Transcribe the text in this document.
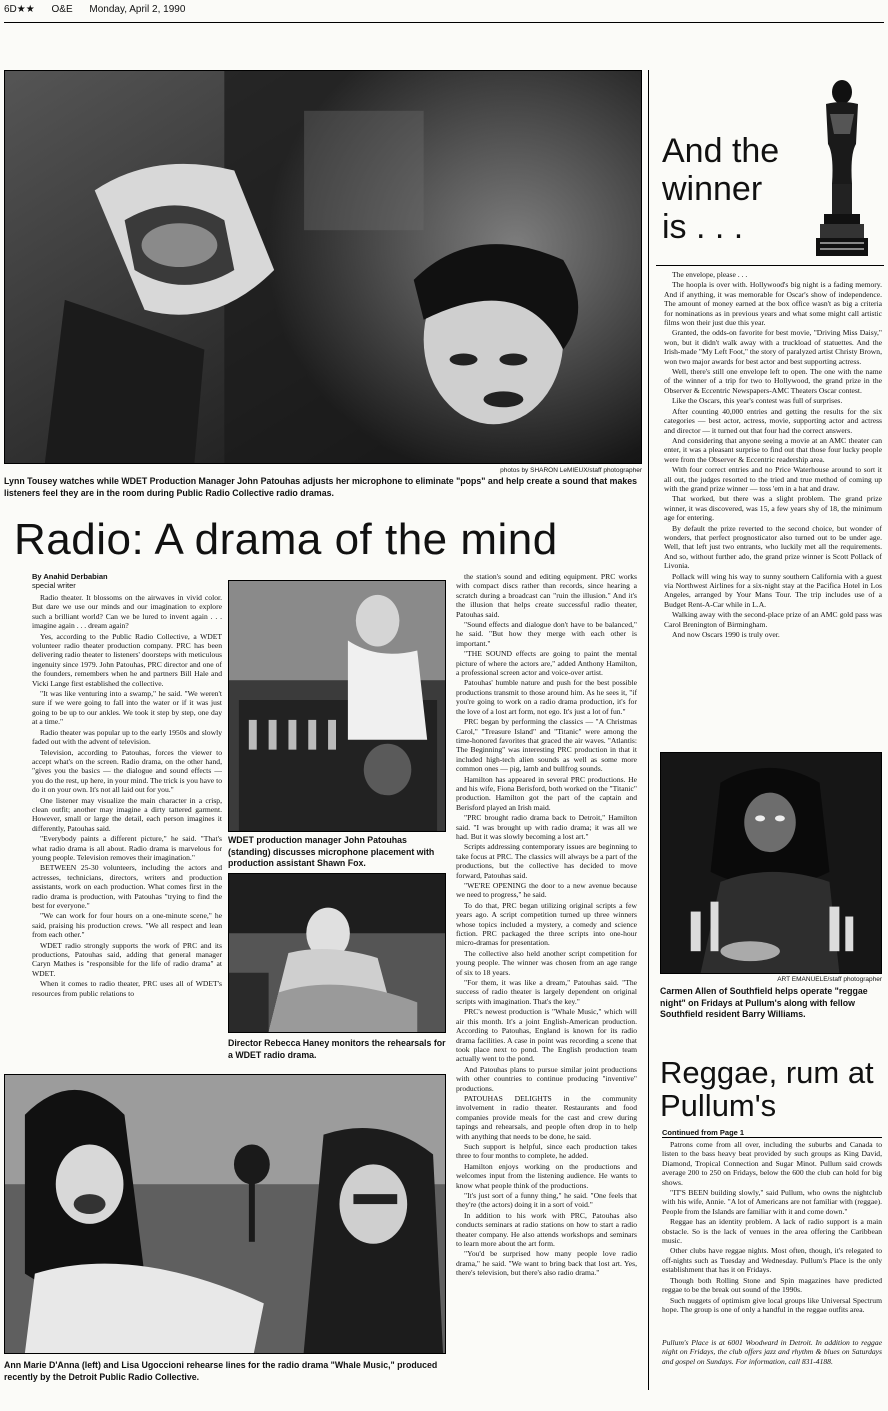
6D★★ O&E Monday, April 2, 1990
photos by SHARON LeMIEUX/staff photographer
Lynn Tousey watches while WDET Production Manager John Patouhas adjusts her microphone to eliminate "pops" and help create a sound that makes listeners feel they are in the room during Public Radio Collective radio dramas.
Radio: A drama of the mind
By Anahid Derbabian
special writer

Radio theater. It blossoms on the airwaves in vivid color. But dare we use our minds and our imagination to explore such a brilliant world? Can we be lured to invent again . . . imagine again . . . dream again?

Yes, according to the Public Radio Collective, a WDET volunteer radio theater production company. PRC has been delivering radio theater to listeners' doorsteps with meticulous ingenuity since 1979. John Patouhas, PRC director and one of the founders, remembers when he and partners Bill Hale and Vicki Lange first established the collective.

"It was like venturing into a swamp," he said. "We weren't sure if we were going to fall into the water or if it was just going to be up to our ankles. We took it step by step, one day at a time."

Radio theater was popular up to the early 1950s and slowly faded out with the advent of television.

Television, according to Patouhas, forces the viewer to accept what's on the screen. Radio drama, on the other hand, "gives you the basics — the dialogue and sound effects — you do the rest, up here, in your mind. The trick is you have to do it on your own. It's not all laid out for you."

One listener may visualize the main character in a crisp, clean outfit; another may imagine a dirty tattered garment. However, small or large the detail, each person imagines it differently, Patouhas said.

"Everybody paints a different picture," he said. "That's what radio drama is all about. Radio drama is marvelous for young people. Television removes their imagination."

BETWEEN 25-30 volunteers, including the actors and actresses, technicians, directors, writers and production assistants, work on each production. What comes first in the radio drama is production, with Patouhas "trying to find the best for everyone."

"We can work for four hours on a one-minute scene," he said, praising his production crews. "We all respect and lean from each other."

WDET radio strongly supports the work of PRC and its productions, Patouhas said, adding that general manager Caryn Mathes is "responsible for the life of radio drama" at WDET.

When it comes to radio theater, PRC uses all of WDET's resources from public relations to

WDET production manager John Patouhas (standing) discusses microphone placement with production assistant Shawn Fox.
Director Rebecca Haney monitors the rehearsals for a WDET radio drama.

the station's sound and editing equipment. PRC works with compact discs rather than records, since hearing a scratch during a broadcast can "ruin the illusion." And it's the illusion that helps create successful radio theater, Patouhas said.

"Sound effects and dialogue don't have to be balanced," he said. "But how they merge with each other is important."

"THE SOUND effects are going to paint the mental picture of where the actors are," added Anthony Hamilton, a professional screen actor and voice-over artist.

Patouhas' humble nature and push for the best possible productions transmit to those around him. As he sees it, "if you're going to work on a radio drama production, it's for the love of a lost art form, not ego. It's just a lot of fun."

PRC began by performing the classics — "A Christmas Carol," "Treasure Island" and "Titanic" were among the time-honored favorites that graced the air waves. "Atlantis: The Beginning" was interesting PRC production in that it included high-tech alien sounds as well as some more common ones — pig, lamb and bullfrog sounds.

Hamilton has appeared in several PRC productions. He and his wife, Fiona Berisford, both worked on the "Titanic" production. Hamilton got the part of the captain and Berisford played an Irish maid.

"PRC brought radio drama back to Detroit," Hamilton said. "I was brought up with radio drama; it was all we had. But it was slowly becoming a lost art."

Scripts addressing contemporary issues are beginning to take focus at PRC. The classics will always be a part of the productions, but the collective has decided to move forward, Patouhas said.

"WE'RE OPENING the door to a new avenue because we need to progress," he said.

To do that, PRC began utilizing original scripts a few years ago. A script competition turned up three winners whose topics included a mystery, a comedy and science fiction. PRC packaged the three scripts into one-hour micro-dramas for presentation.

The collective also held another script competition for young people. The winner was chosen from an age range of six to 18 years.

"For them, it was like a dream," Patouhas said. "The success of radio theater is largely dependent on original scripts with imagination. That's the key."

PRC's newest production is "Whale Music," which will air this month. It's a joint English-American production. According to Patouhas, England is known for its radio drama facilities. A case in point was recording a scene that took place next to pond. The English production team actually went to the pond.

And Patouhas plans to pursue similar joint productions with other countries to continue producing "inventive" productions.

PATOUHAS DELIGHTS in the community involvement in radio theater. Restaurants and food companies provide meals for the cast and crew during tapings and rehearsals, and people often drop in to help with anything that needs to be done, he said.

Such support is helpful, since each production takes three to four months to complete, he added.

Hamilton enjoys working on the productions and welcomes input from the listening audience. He wants to know what people think of the productions.

"It's just sort of a funny thing," he said. "One feels that they're (the actors) doing it in a sort of void."

In addition to his work with PRC, Patouhas also conducts seminars at radio stations on how to start a radio theater company. He also attends workshops and seminars to learn more about the art form.

"You'd be surprised how many people love radio drama," he said. "We want to bring back that lost art. Yes, there's television, but there's also radio drama."

Ann Marie D'Anna (left) and Lisa Ugoccioni rehearse lines for the radio drama "Whale Music," produced recently by the Detroit Public Radio Collective.
And the winner is . . .

The envelope, please . . .

The hoopla is over with. Hollywood's big night is a fading memory. And if anything, it was memorable for Oscar's show of independence. The amount of money earned at the box office wasn't as big a criteria for nominations as in previous years and what some might call artistic films won their just due this year.

Granted, the odds-on favorite for best movie, "Driving Miss Daisy," won, but it didn't walk away with a truckload of statuettes. And the Irish-made "My Left Foot," the story of paralyzed artist Christy Brown, won two major awards for best actor and best supporting actress.

Well, there's still one envelope left to open. The one with the name of the winner of a trip for two to Hollywood, the grand prize in the Observer & Eccentric Newspapers-AMC Theaters Oscar contest.

Like the Oscars, this year's contest was full of surprises.

After counting 40,000 entries and getting the results for the six categories — best actor, actress, movie, supporting actor and actress and director — it turned out that four had the correct answers.

And considering that anyone seeing a movie at an AMC theater can enter, it was a pleasant surprise to find out that those four lucky people were from the Observer & Eccentric readership area.

With four correct entries and no Price Waterhouse around to sort it all out, the judges resorted to the tried and true method of coming up with the grand prize winner — toss 'em in a hat and draw.

That worked, but there was a slight problem. The grand prize winner, it was discovered, was 15, a few years shy of 18, the minimum age for entering.

By default the prize reverted to the second choice, but wonder of wonders, that perfect prognosticator also turned out to be under age. Well, that left just two entrants, who luckily met all the requirements. And so, without further ado, the grand prize winner is Scott Pollack of Livonia.

Pollack will wing his way to sunny southern California with a guest via Northwest Airlines for a six-night stay at the Pacifica Hotel in Los Angeles, arranged by Your Mans Tour. The trip includes use of a Budget Rent-A-Car while in L.A.

Walking away with the second-place prize of an AMC gold pass was Carol Brenington of Birmingham.

And now Oscars 1990 is truly over.

ART EMANUELE/staff photographer
Carmen Allen of Southfield helps operate "reggae night" on Fridays at Pullum's along with fellow Southfield resident Barry Williams.
Reggae, rum at Pullum's
Continued from Page 1

Patrons come from all over, including the suburbs and Canada to listen to the bass heavy beat provided by such groups as King David, Diamond, Tropical Connection and Sugar Minot. Pullum said crowds average 200 to 250 on Fridays, below the 600 the club can hold for big shows.

"IT'S BEEN building slowly," said Pullum, who owns the nightclub with his wife, Annie. "A lot of Americans are not familiar with (reggae). People from the Islands are familiar with it and come down."

Reggae has an identity problem. A lack of radio support is a main obstacle. So is the lack of venues in the area offering the Caribbean music.

Other clubs have reggae nights. Most often, though, it's relegated to off-nights such as Tuesday and Wednesday. Pullum's Place is the only establishment that has it on Fridays.

Though both Rolling Stone and Spin magazines have predicted reggae to be the break out sound of the 1990s.

Such nuggets of optimism give local groups like Universal Spectrum hope. The group is one of only a handful in the reggae outfits area.

Pullum's Place is at 6001 Woodward in Detroit. In addition to reggae night on Fridays, the club offers jazz and rhythm & blues on Saturdays and gospel on Sundays. For information, call 831-4188.
